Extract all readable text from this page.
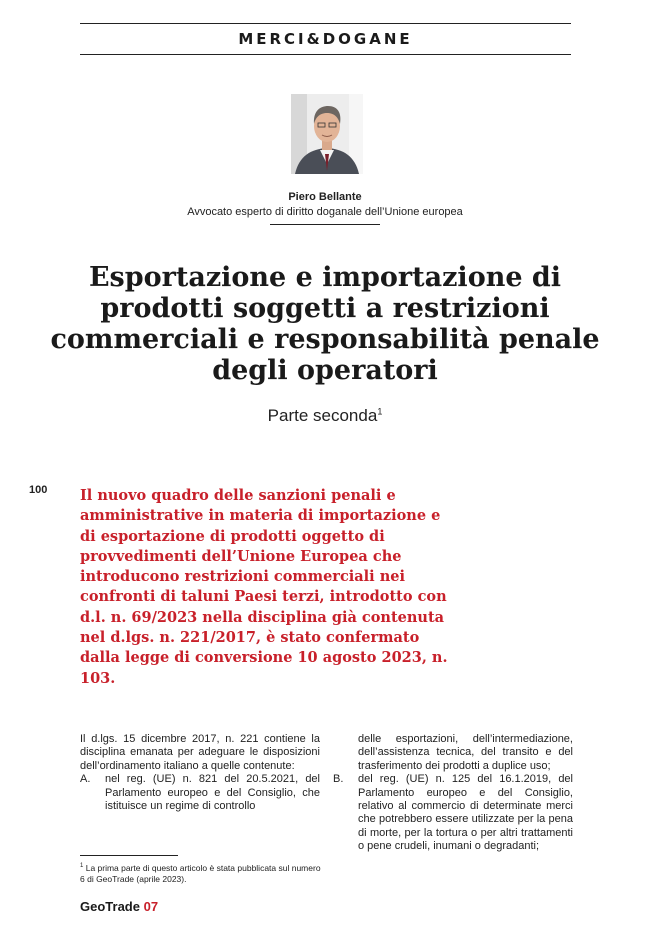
MERCI&DOGANE
Piero Bellante
Avvocato esperto di diritto doganale dell’Unione europea
Esportazione e importazione di prodotti soggetti a restrizioni commerciali e responsabilità penale degli operatori
Parte seconda$^1$
100 Il nuovo quadro delle sanzioni penali e amministrative in materia di importazione e di esportazione di prodotti oggetto di provvedimenti dell’Unione Europea che introducono restrizioni commerciali nei confronti di taluni Paesi terzi, introdotto con d.l. n. 69/2023 nella disciplina già contenuta nel d.lgs. n. 221/2017, è stato confermato dalla legge di conversione 10 agosto 2023, n. 103.

Il d.lgs. 15 dicembre 2017, n. 221 contiene la disciplina emanata per adeguare le disposizioni dell’ordinamento italiano a quelle contenute:

A. nel reg. (UE) n. 821 del 20.5.2021, del Parlamento europeo e del Consiglio, che istituisce un regime di controllo
delle esportazioni, dell’intermediazione, dell’assistenza tecnica, del transito e del trasferimento dei prodotti a duplice uso;
B. del reg. (UE) n. 125 del 16.1.2019, del Parlamento europeo e del Consiglio, relativo al commercio di determinate merci che potrebbero essere utilizzate per la pena di morte, per la tortura o per altri trattamenti o pene crudeli, inumani o degradanti;
$^1$ La prima parte di questo articolo è stata pubblicata sul numero 6 di GeoTrade (aprile 2023).
GeoTrade 07
